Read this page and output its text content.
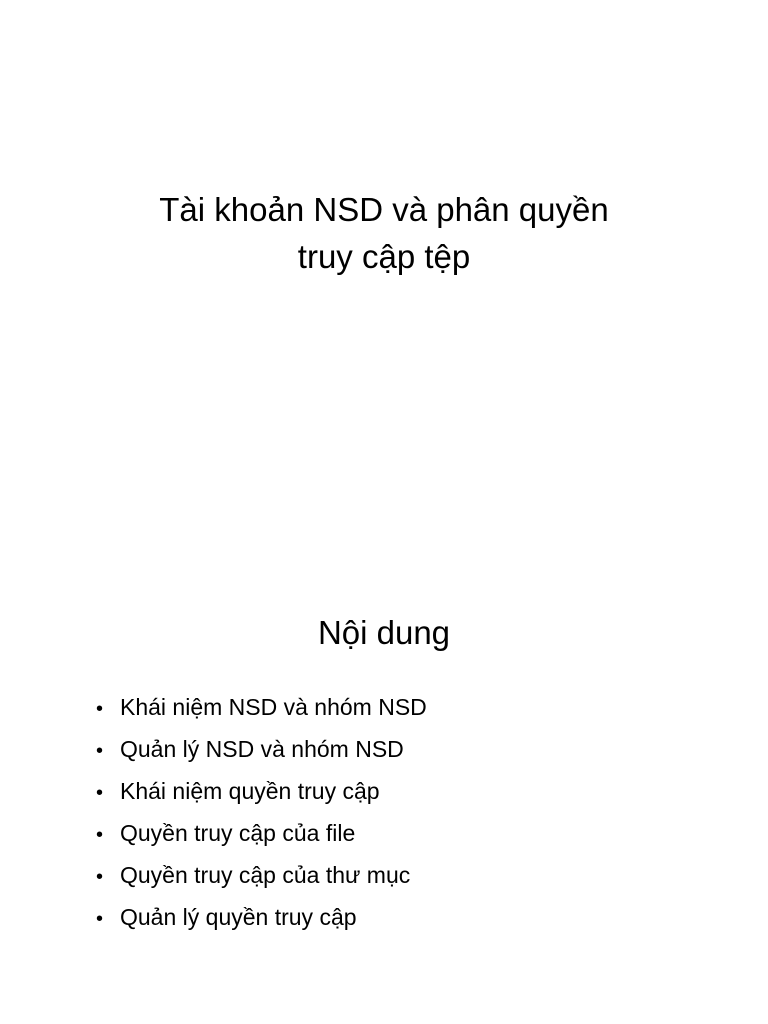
Tài khoản NSD và phân quyền
truy cập tệp
Nội dung
• Khái niệm NSD và nhóm NSD
• Quản lý NSD và nhóm NSD
• Khái niệm quyền truy cập
• Quyền truy cập của file
• Quyền truy cập của thư mục
• Quản lý quyền truy cập
